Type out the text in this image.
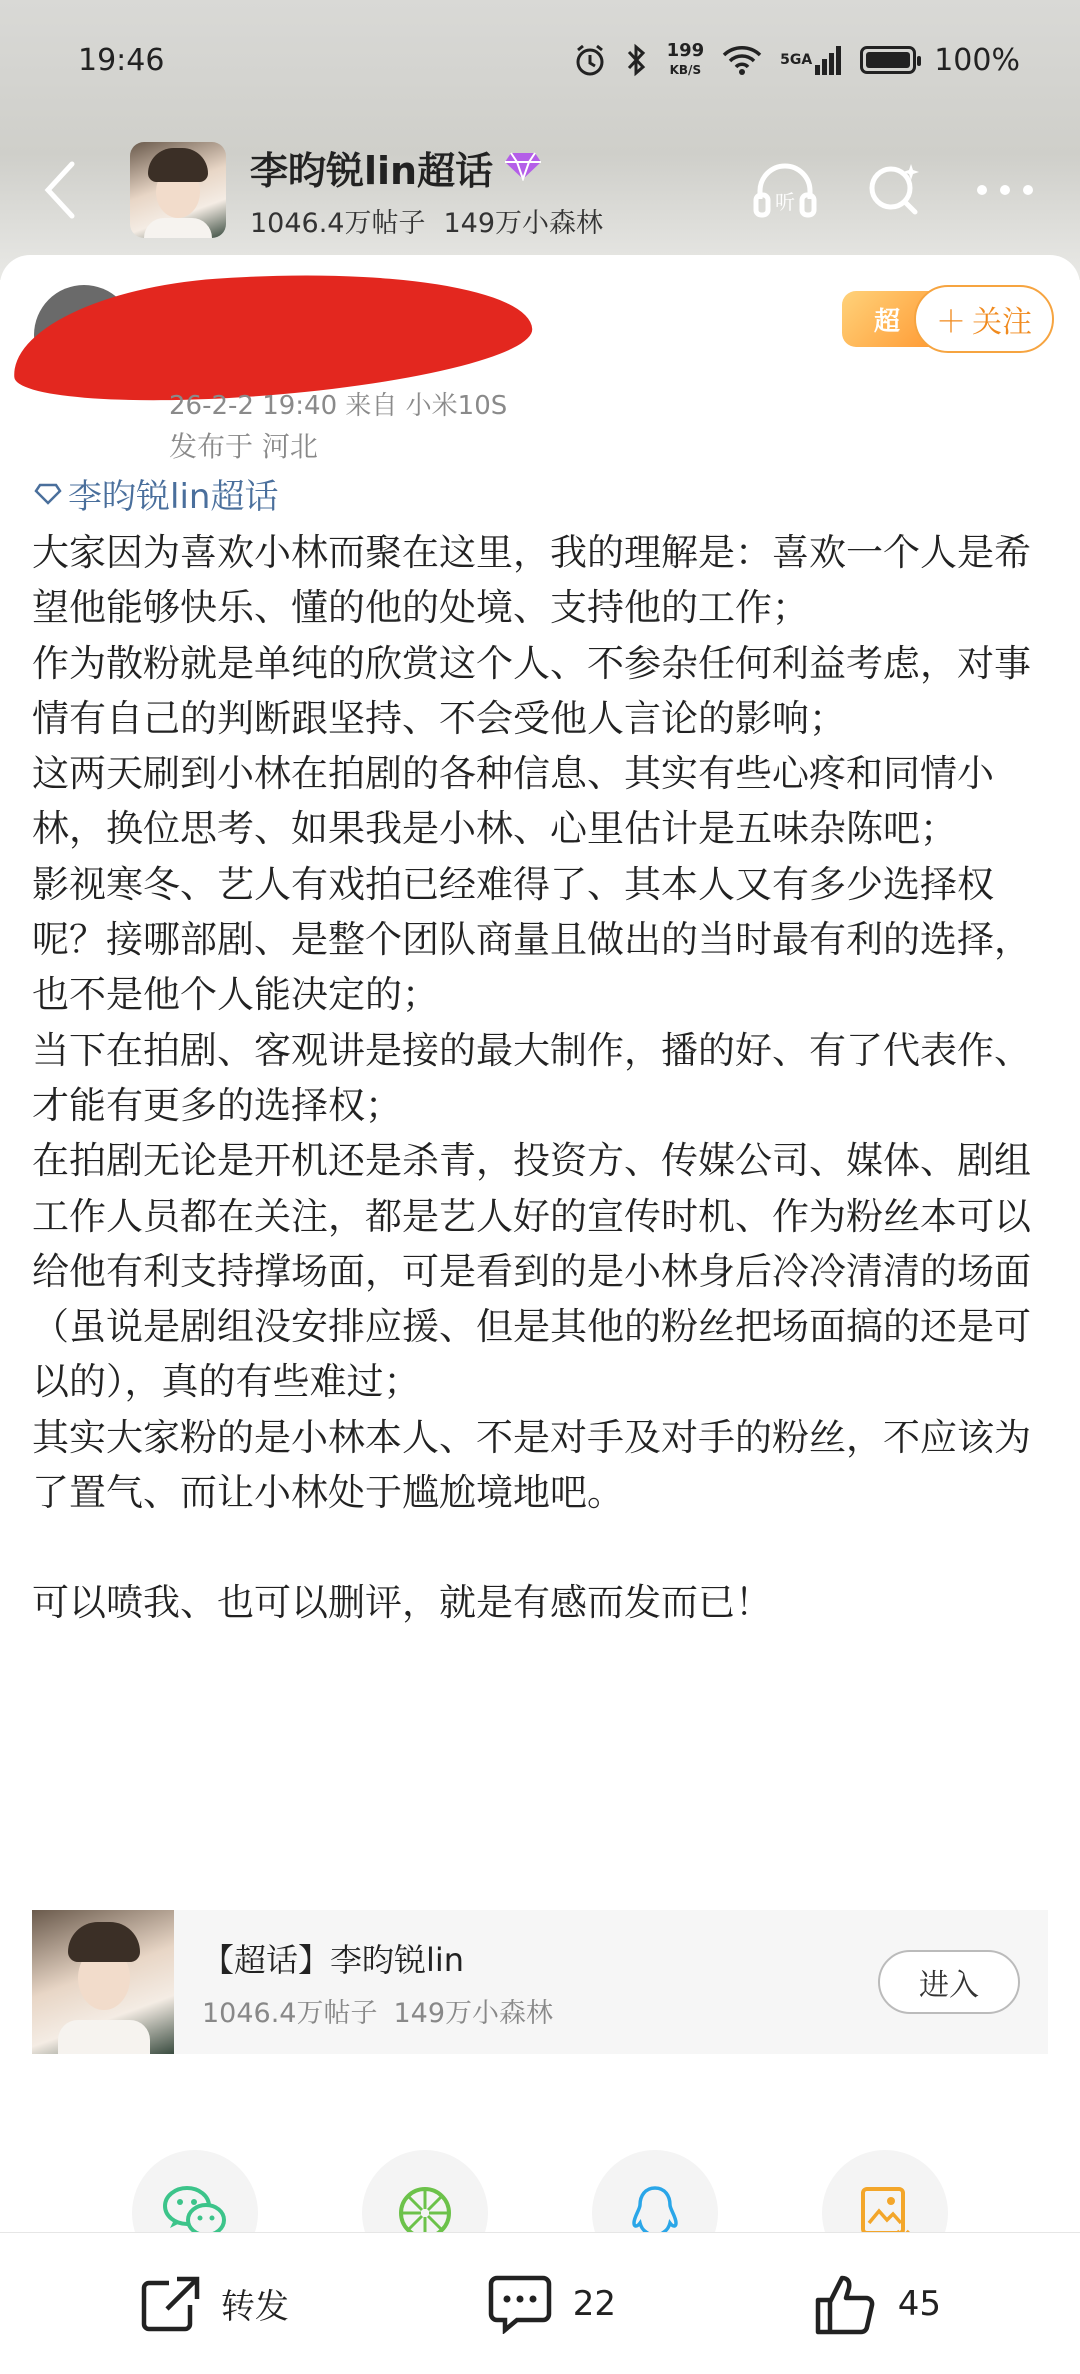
19:46	199
KB/S
5GA	100%
李昀锐lin超话
1046.4万帖子 149万小森林
听
26-2-2 19:40 来自 小米10S
发布于 河北
超	＋ 关注
李昀锐lin超话

大家因为喜欢小林而聚在这里，我的理解是：喜欢一个人是希望他能够快乐、懂的他的处境、支持他的工作；

作为散粉就是单纯的欣赏这个人、不参杂任何利益考虑，对事情有自己的判断跟坚持、不会受他人言论的影响；

这两天刷到小林在拍剧的各种信息、其实有些心疼和同情小林，换位思考、如果我是小林、心里估计是五味杂陈吧；

影视寒冬、艺人有戏拍已经难得了、其本人又有多少选择权呢？接哪部剧、是整个团队商量且做出的当时最有利的选择，也不是他个人能决定的；

当下在拍剧、客观讲是接的最大制作，播的好、有了代表作、才能有更多的选择权；

在拍剧无论是开机还是杀青，投资方、传媒公司、媒体、剧组工作人员都在关注，都是艺人好的宣传时机、作为粉丝本可以给他有利支持撑场面，可是看到的是小林身后冷冷清清的场面（虽说是剧组没安排应援、但是其他的粉丝把场面搞的还是可以的），真的有些难过；

其实大家粉的是小林本人、不是对手及对手的粉丝，不应该为了置气、而让小林处于尴尬境地吧。

可以喷我、也可以删评，就是有感而发而已！

【超话】李昀锐lin
1046.4万帖子 149万小森林
进入
转发	22	45
